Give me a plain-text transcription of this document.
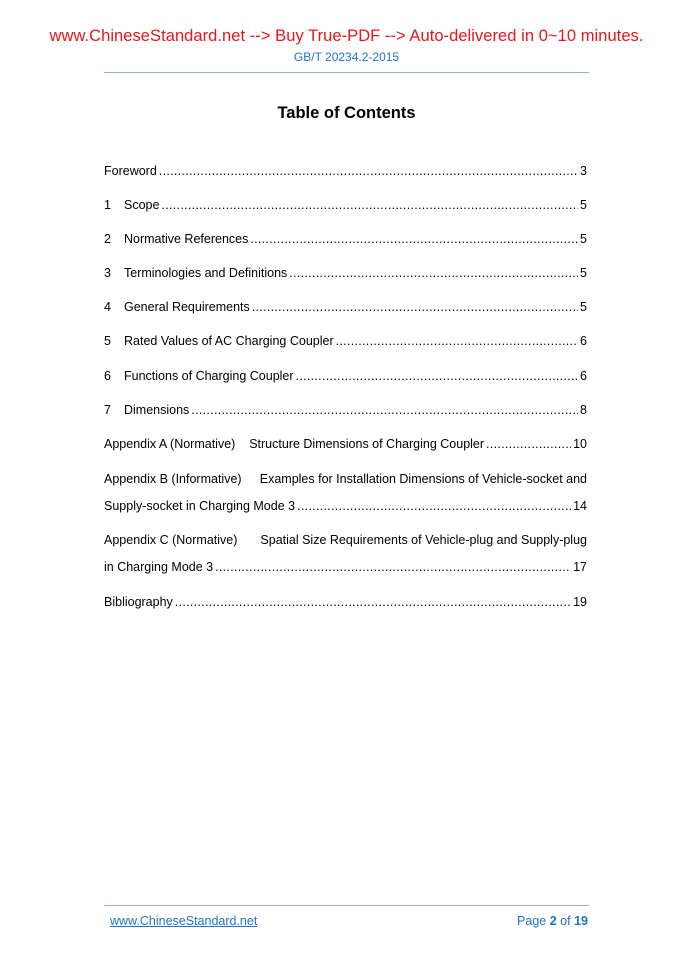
www.ChineseStandard.net --> Buy True-PDF --> Auto-delivered in 0~10 minutes.
GB/T 20234.2-2015
Table of Contents
Foreword .....	3
1	Scope .....	5
2	Normative References .....	5
3	Terminologies and Definitions .....	5
4	General Requirements .....	5
5	Rated Values of AC Charging Coupler .....	6
6	Functions of Charging Coupler .....	6
7	Dimensions .....	8
Appendix A (Normative)    Structure Dimensions of Charging Coupler .....	10
Appendix B (Informative) Examples for Installation Dimensions of Vehicle-socket and
Supply-socket in Charging Mode 3 .....	14
Appendix C (Normative) Spatial Size Requirements of Vehicle-plug and Supply-plug
in Charging Mode 3 .....	17
Bibliography .....	19
www.ChineseStandard.net	Page 2 of 19
